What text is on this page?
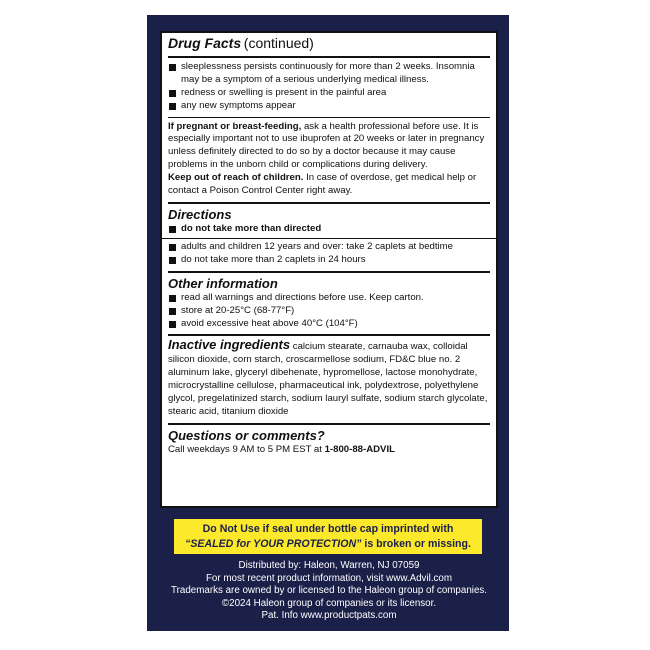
Drug Facts (continued)
sleeplessness persists continuously for more than 2 weeks. Insomnia may be a symptom of a serious underlying medical illness.
redness or swelling is present in the painful area
any new symptoms appear
If pregnant or breast-feeding, ask a health professional before use. It is especially important not to use ibuprofen at 20 weeks or later in pregnancy unless definitely directed to do so by a doctor because it may cause problems in the unborn child or complications during delivery.
Keep out of reach of children. In case of overdose, get medical help or contact a Poison Control Center right away.
Directions
do not take more than directed
adults and children 12 years and over: take 2 caplets at bedtime
do not take more than 2 caplets in 24 hours
Other information
read all warnings and directions before use. Keep carton.
store at 20-25°C (68-77°F)
avoid excessive heat above 40°C (104°F)
Inactive ingredients calcium stearate, carnauba wax, colloidal silicon dioxide, corn starch, croscarmellose sodium, FD&C blue no. 2 aluminum lake, glyceryl dibehenate, hypromellose, lactose monohydrate, microcrystalline cellulose, pharmaceutical ink, polydextrose, polyethylene glycol, pregelatinized starch, sodium lauryl sulfate, sodium starch glycolate, stearic acid, titanium dioxide
Questions or comments?
Call weekdays 9 AM to 5 PM EST at 1-800-88-ADVIL
Do Not Use if seal under bottle cap imprinted with
“SEALED for YOUR PROTECTION” is broken or missing.
Distributed by: Haleon, Warren, NJ 07059
For most recent product information, visit www.Advil.com
Trademarks are owned by or licensed to the Haleon group of companies.
©2024 Haleon group of companies or its licensor.
Pat. Info www.productpats.com
